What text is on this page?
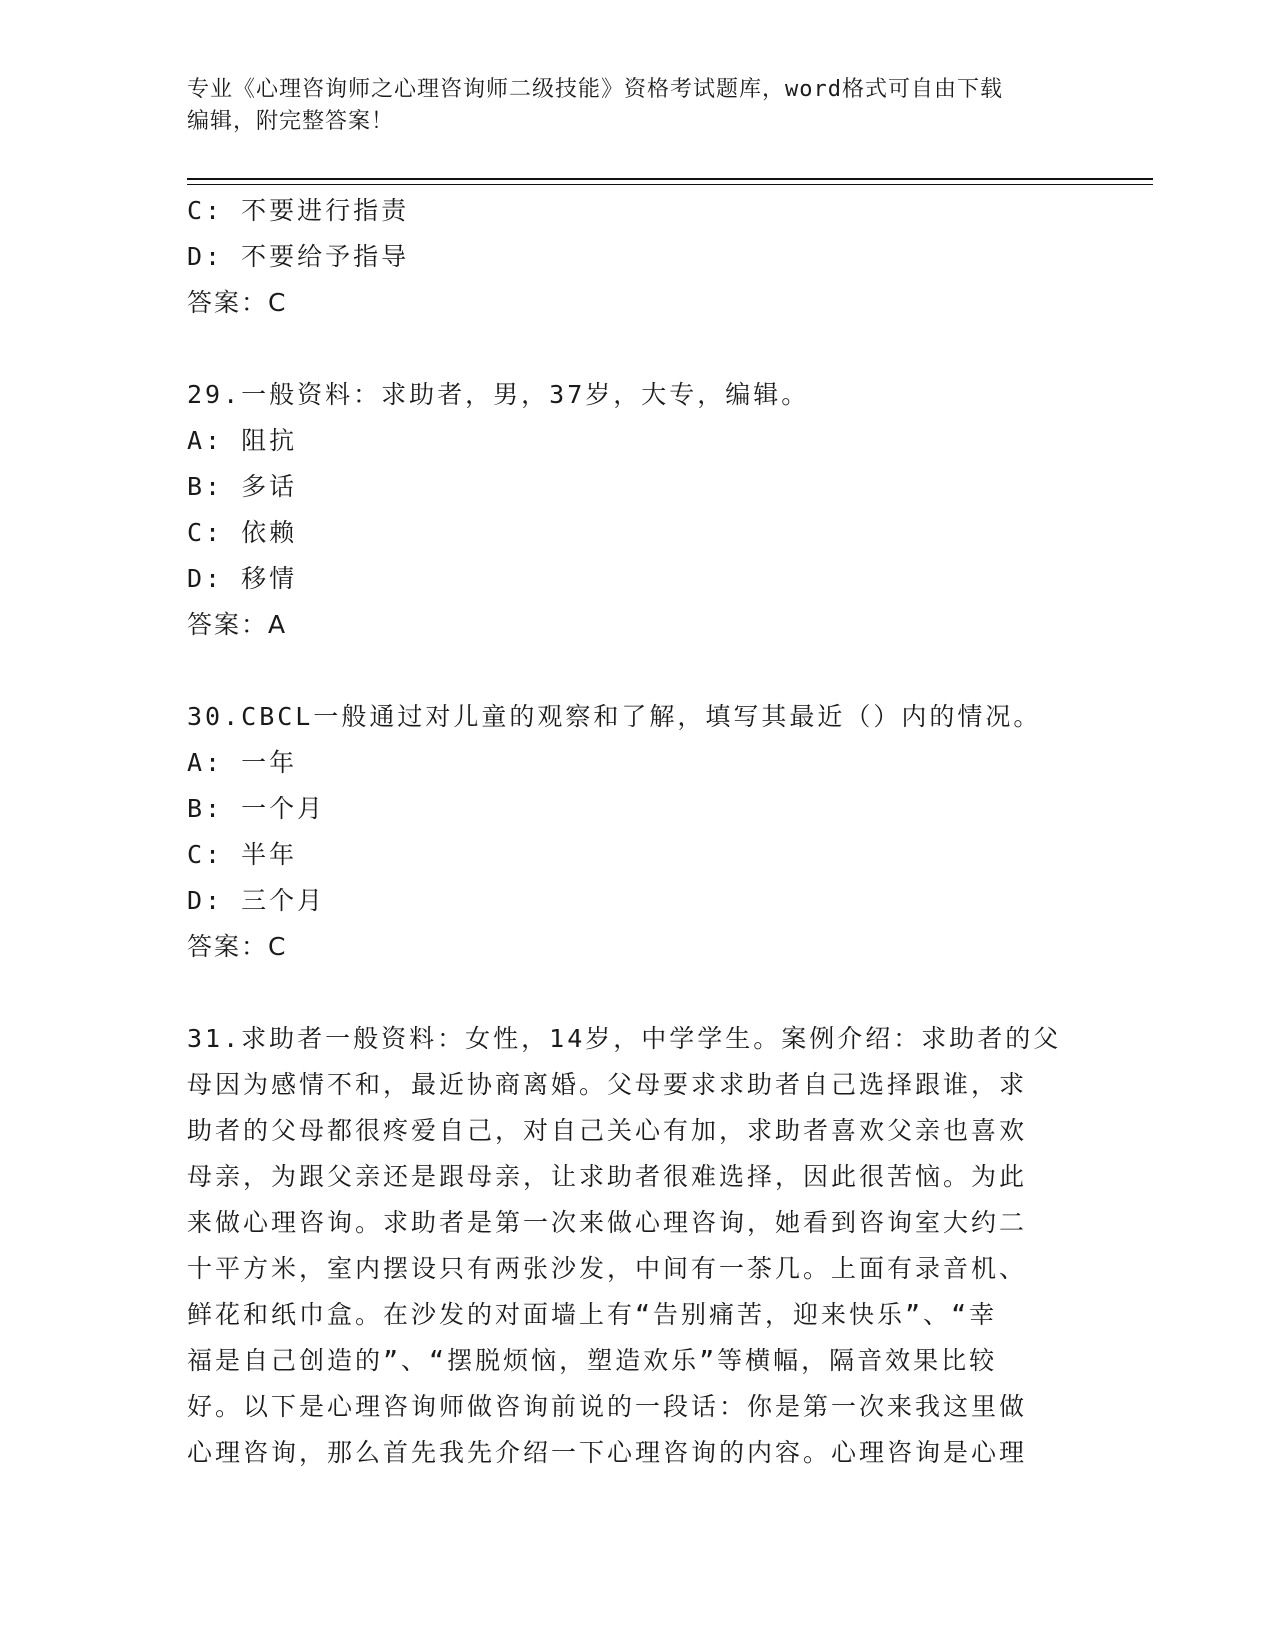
专业《心理咨询师之心理咨询师二级技能》资格考试题库，word格式可自由下载
编辑，附完整答案！
C: 不要进行指责
D: 不要给予指导
答案：C
29.一般资料：求助者，男，37岁，大专，编辑。
A: 阻抗
B: 多话
C: 依赖
D: 移情
答案：A
30.CBCL一般通过对儿童的观察和了解，填写其最近（）内的情况。
A: 一年
B: 一个月
C: 半年
D: 三个月
答案：C
31.求助者一般资料：女性，14岁，中学学生。案例介绍：求助者的父
母因为感情不和，最近协商离婚。父母要求求助者自己选择跟谁，求
助者的父母都很疼爱自己，对自己关心有加，求助者喜欢父亲也喜欢
母亲，为跟父亲还是跟母亲，让求助者很难选择，因此很苦恼。为此
来做心理咨询。求助者是第一次来做心理咨询，她看到咨询室大约二
十平方米，室内摆设只有两张沙发，中间有一茶几。上面有录音机、
鲜花和纸巾盒。在沙发的对面墙上有“告别痛苦，迎来快乐”、“幸
福是自己创造的”、“摆脱烦恼，塑造欢乐”等横幅，隔音效果比较
好。以下是心理咨询师做咨询前说的一段话：你是第一次来我这里做
心理咨询，那么首先我先介绍一下心理咨询的内容。心理咨询是心理
